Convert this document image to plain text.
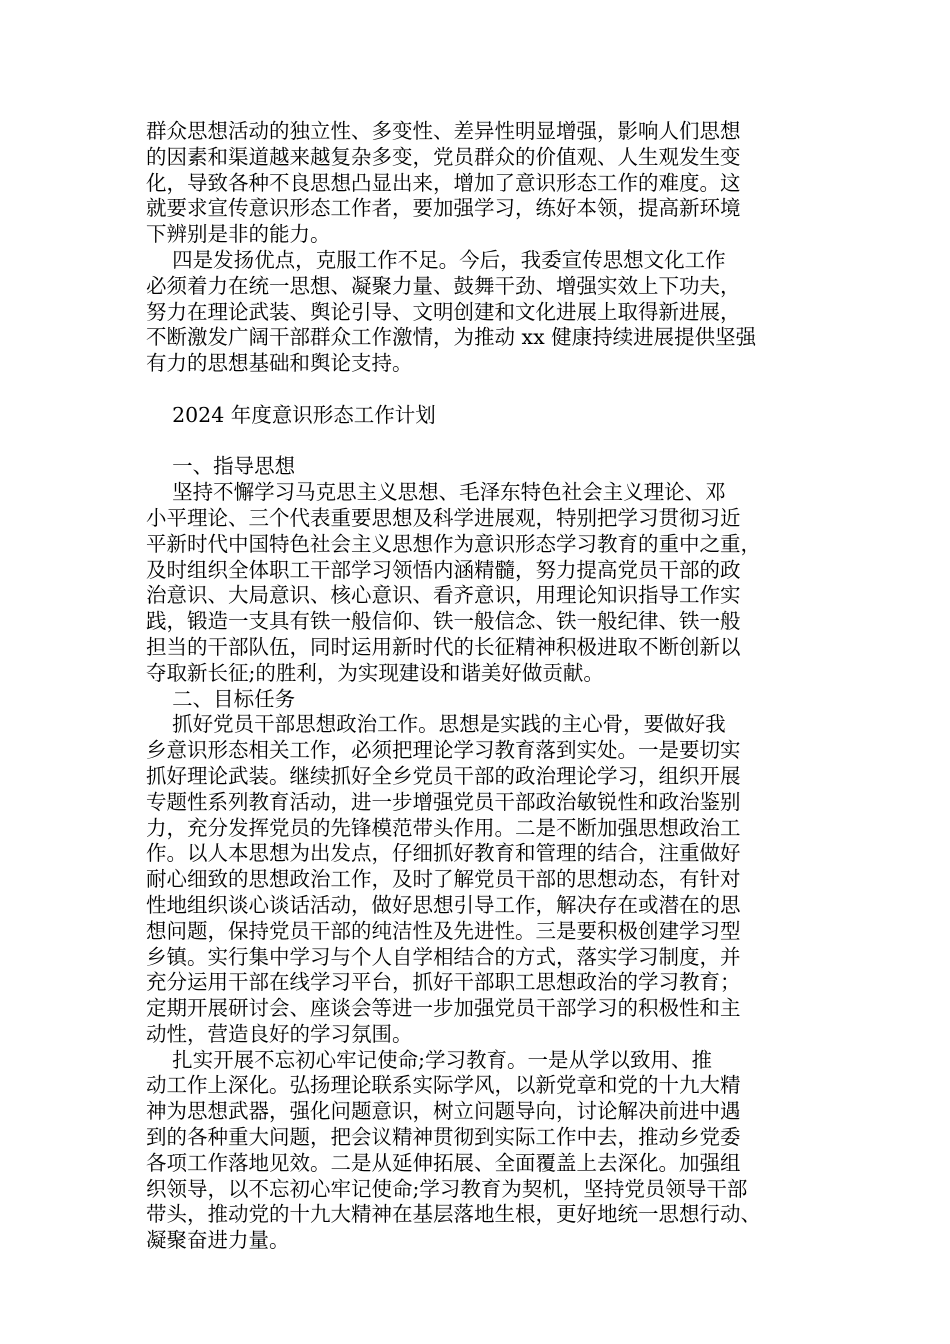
群众思想活动的独立性、多变性、差异性明显增强，影响人们思想
的因素和渠道越来越复杂多变，党员群众的价值观、人生观发生变
化，导致各种不良思想凸显出来，增加了意识形态工作的难度。这
就要求宣传意识形态工作者，要加强学习，练好本领，提高新环境
下辨别是非的能力。
四是发扬优点，克服工作不足。今后，我委宣传思想文化工作
必须着力在统一思想、凝聚力量、鼓舞干劲、增强实效上下功夫，
努力在理论武装、舆论引导、文明创建和文化进展上取得新进展，
不断激发广阔干部群众工作激情，为推动 xx 健康持续进展提供坚强
有力的思想基础和舆论支持。
2024 年度意识形态工作计划
一、指导思想
坚持不懈学习马克思主义思想、毛泽东特色社会主义理论、邓
小平理论、三个代表重要思想及科学进展观，特别把学习贯彻习近
平新时代中国特色社会主义思想作为意识形态学习教育的重中之重，
及时组织全体职工干部学习领悟内涵精髓，努力提高党员干部的政
治意识、大局意识、核心意识、看齐意识，用理论知识指导工作实
践，锻造一支具有铁一般信仰、铁一般信念、铁一般纪律、铁一般
担当的干部队伍，同时运用新时代的长征精神积极进取不断创新以
夺取新长征;的胜利，为实现建设和谐美好做贡献。
二、目标任务
抓好党员干部思想政治工作。思想是实践的主心骨，要做好我
乡意识形态相关工作，必须把理论学习教育落到实处。一是要切实
抓好理论武装。继续抓好全乡党员干部的政治理论学习，组织开展
专题性系列教育活动，进一步增强党员干部政治敏锐性和政治鉴别
力，充分发挥党员的先锋模范带头作用。二是不断加强思想政治工
作。以人本思想为出发点，仔细抓好教育和管理的结合，注重做好
耐心细致的思想政治工作，及时了解党员干部的思想动态，有针对
性地组织谈心谈话活动，做好思想引导工作，解决存在或潜在的思
想问题，保持党员干部的纯洁性及先进性。三是要积极创建学习型
乡镇。实行集中学习与个人自学相结合的方式，落实学习制度，并
充分运用干部在线学习平台，抓好干部职工思想政治的学习教育；
定期开展研讨会、座谈会等进一步加强党员干部学习的积极性和主
动性，营造良好的学习氛围。
扎实开展不忘初心牢记使命;学习教育。一是从学以致用、推
动工作上深化。弘扬理论联系实际学风，以新党章和党的十九大精
神为思想武器，强化问题意识，树立问题导向，讨论解决前进中遇
到的各种重大问题，把会议精神贯彻到实际工作中去，推动乡党委
各项工作落地见效。二是从延伸拓展、全面覆盖上去深化。加强组
织领导，以不忘初心牢记使命;学习教育为契机，坚持党员领导干部
带头，推动党的十九大精神在基层落地生根，更好地统一思想行动、
凝聚奋进力量。
